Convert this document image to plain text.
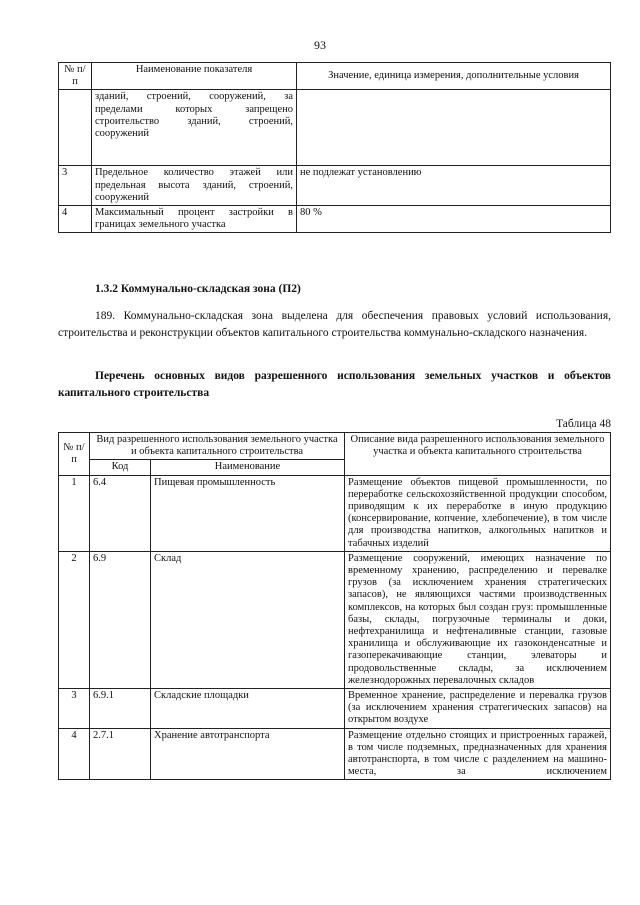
93
№ п/п	Наименование показателя	Значение, единица измерения, дополнительные условия
	зданий, строений, сооружений, за пределами которых запрещено строительство зданий, строений, сооружений	
3	Предельное количество этажей или предельная высота зданий, строений, сооружений	не подлежат установлению
4	Максимальный процент застройки в границах земельного участка	80 %
1.3.2 Коммунально-складская зона (П2)
189. Коммунально-складская зона выделена для обеспечения правовых условий использования, строительства и реконструкции объектов капитального строительства коммунально-складского назначения.
Перечень основных видов разрешенного использования земельных участков и объектов капитального строительства
Таблица 48
№ п/п	Вид разрешенного использования земельного участка и объекта капитального строительства		Описание вида разрешенного использования земельного участка и объекта капитального строительства
	Код	Наименование	
1	6.4	Пищевая промышленность	Размещение объектов пищевой промышленности, по переработке сельскохозяйственной продукции способом, приводящим к их переработке в иную продукцию (консервирование, копчение, хлебопечение), в том числе для производства напитков, алкогольных напитков и табачных изделий
2	6.9	Склад	Размещение сооружений, имеющих назначение по временному хранению, распределению и перевалке грузов (за исключением хранения стратегических запасов), не являющихся частями производственных комплексов, на которых был создан груз: промышленные базы, склады, погрузочные терминалы и доки, нефтехранилища и нефтеналивные станции, газовые хранилища и обслуживающие их газоконденсатные и газоперекачивающие станции, элеваторы и продовольственные склады, за исключением железнодорожных перевалочных складов
3	6.9.1	Складские площадки	Временное хранение, распределение и перевалка грузов (за исключением хранения стратегических запасов) на открытом воздухе
4	2.7.1	Хранение автотранспорта	Размещение отдельно стоящих и пристроенных гаражей, в том числе подземных, предназначенных для хранения автотранспорта, в том числе с разделением на машино-места, за исключением
